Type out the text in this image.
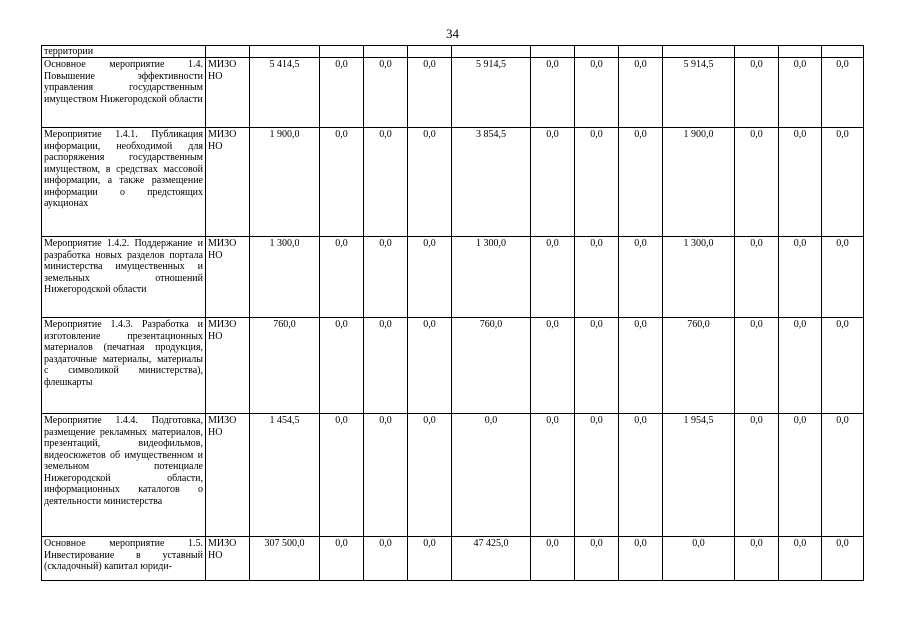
34
территории													
Основное мероприятие 1.4. Повышение эффективности управления государственным имуществом Нижегородской области	МИЗО НО	5 414,5	0,0	0,0	0,0	5 914,5	0,0	0,0	0,0	5 914,5	0,0	0,0	0,0
Мероприятие 1.4.1. Публикация информации, необходимой для распоряжения государственным имуществом, в средствах массовой информации, а также размещение информации о предстоящих аукционах	МИЗО НО	1 900,0	0,0	0,0	0,0	3 854,5	0,0	0,0	0,0	1 900,0	0,0	0,0	0,0
Мероприятие 1.4.2. Поддержание и разработка новых разделов портала министерства имущественных и земельных отношений Нижегородской области	МИЗО НО	1 300,0	0,0	0,0	0,0	1 300,0	0,0	0,0	0,0	1 300,0	0,0	0,0	0,0
Мероприятие 1.4.3. Разработка и изготовление презентационных материалов (печатная продукция, раздаточные материалы, материалы с символикой министерства), флешкарты	МИЗО НО	760,0	0,0	0,0	0,0	760,0	0,0	0,0	0,0	760,0	0,0	0,0	0,0
Мероприятие 1.4.4. Подготовка, размещение рекламных материалов, презентаций, видеофильмов, видеосюжетов об имущественном и земельном потенциале Нижегородской области, информационных каталогов о деятельности министерства	МИЗО НО	1 454,5	0,0	0,0	0,0	0,0	0,0	0,0	0,0	1 954,5	0,0	0,0	0,0
Основное мероприятие 1.5. Инвестирование в уставный (складочный) капитал юриди-	МИЗО НО	307 500,0	0,0	0,0	0,0	47 425,0	0,0	0,0	0,0	0,0	0,0	0,0	0,0
